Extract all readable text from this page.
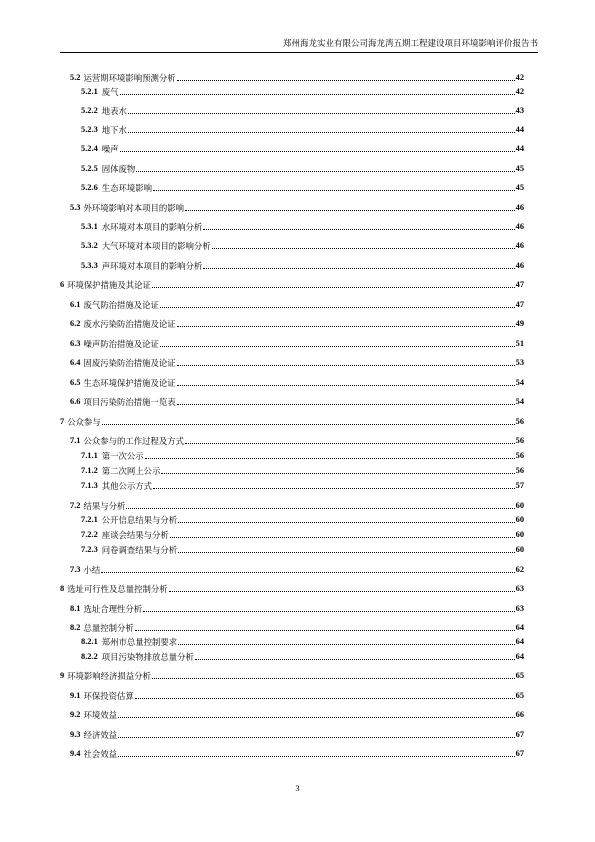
郑州海龙实业有限公司海龙湾五期工程建设项目环境影响评价报告书
5.2 运营期环境影响预测分析	42
5.2.1 废气	42
5.2.2 地表水	43
5.2.3 地下水	44
5.2.4 噪声	44
5.2.5 固体废物	45
5.2.6 生态环境影响	45
5.3 外环境影响对本项目的影响	46
5.3.1 水环境对本项目的影响分析	46
5.3.2 大气环境对本项目的影响分析	46
5.3.3 声环境对本项目的影响分析	46
6 环境保护措施及其论证	47
6.1 废气防治措施及论证	47
6.2 废水污染防治措施及论证	49
6.3 噪声防治措施及论证	51
6.4 固废污染防治措施及论证	53
6.5 生态环境保护措施及论证	54
6.6 项目污染防治措施一览表	54
7 公众参与	56
7.1 公众参与的工作过程及方式	56
7.1.1 第一次公示	56
7.1.2 第二次网上公示	56
7.1.3 其他公示方式	57
7.2 结果与分析	60
7.2.1 公开信息结果与分析	60
7.2.2 座谈会结果与分析	60
7.2.3 问卷调查结果与分析	60
7.3 小结	62
8 选址可行性及总量控制分析	63
8.1 选址合理性分析	63
8.2 总量控制分析	64
8.2.1 郑州市总量控制要求	64
8.2.2 项目污染物排放总量分析	64
9 环境影响经济损益分析	65
9.1 环保投资估算	65
9.2 环境效益	66
9.3 经济效益	67
9.4 社会效益	67
3
